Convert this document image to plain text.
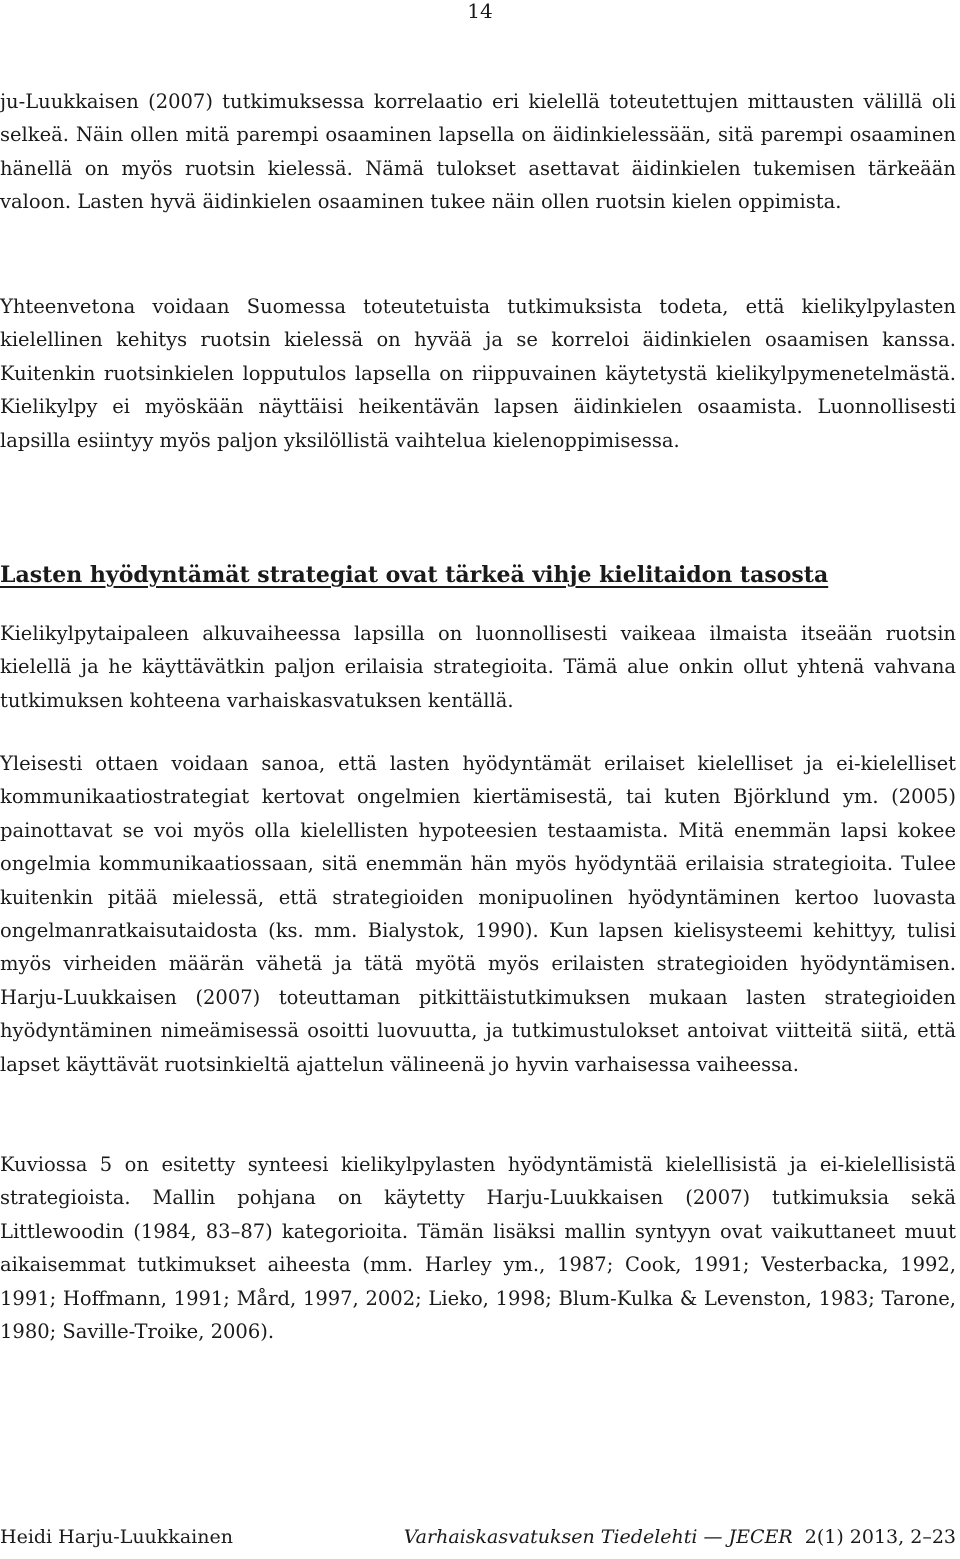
14

ju-Luukkaisen (2007) tutkimuksessa korrelaatio eri kielellä toteutettujen mittausten välillä oli selkeä. Näin ollen mitä parempi osaaminen lapsella on äidinkielessään, sitä parempi osaaminen hänellä on myös ruotsin kielessä. Nämä tulokset asettavat äidinkielen tukemisen tärkeään valoon. Lasten hyvä äidinkielen osaaminen tukee näin ollen ruotsin kielen oppimista.

Yhteenvetona voidaan Suomessa toteutetuista tutkimuksista todeta, että kielikylpylasten kielellinen kehitys ruotsin kielessä on hyvää ja se korreloi äidinkielen osaamisen kanssa. Kuitenkin ruotsinkielen lopputulos lapsella on riippuvainen käytetystä kielikylpymenetelmästä. Kielikylpy ei myöskään näyttäisi heikentävän lapsen äidinkielen osaamista. Luonnollisesti lapsilla esiintyy myös paljon yksilöllistä vaihtelua kielenoppimisessa.

Lasten hyödyntämät strategiat ovat tärkeä vihje kielitaidon tasosta

Kielikylpytaipaleen alkuvaiheessa lapsilla on luonnollisesti vaikeaa ilmaista itseään ruotsin kielellä ja he käyttävätkin paljon erilaisia strategioita. Tämä alue onkin ollut yhtenä vahvana tutkimuksen kohteena varhaiskasvatuksen kentällä.

Yleisesti ottaen voidaan sanoa, että lasten hyödyntämät erilaiset kielelliset ja ei-kielelliset kommunikaatiostrategiat kertovat ongelmien kiertämisestä, tai kuten Björklund ym. (2005) painottavat se voi myös olla kielellisten hypoteesien testaamista. Mitä enemmän lapsi kokee ongelmia kommunikaatiossaan, sitä enemmän hän myös hyödyntää erilaisia strategioita. Tulee kuitenkin pitää mielessä, että strategioiden monipuolinen hyödyntäminen kertoo luovasta ongelmanratkaisutaidosta (ks. mm. Bialystok, 1990). Kun lapsen kielisysteemi kehittyy, tulisi myös virheiden määrän vähetä ja tätä myötä myös erilaisten strategioiden hyödyntämisen. Harju-Luukkaisen (2007) toteuttaman pitkittäistutkimuksen mukaan lasten strategioiden hyödyntäminen nimeämisessä osoitti luovuutta, ja tutkimustulokset antoivat viitteitä siitä, että lapset käyttävät ruotsinkieltä ajattelun välineenä jo hyvin varhaisessa vaiheessa.

Kuviossa 5 on esitetty synteesi kielikylpylasten hyödyntämistä kielellisistä ja ei-kielellisistä strategioista. Mallin pohjana on käytetty Harju-Luukkaisen (2007) tutkimuksia sekä Littlewoodin (1984, 83–87) kategorioita. Tämän lisäksi mallin syntyyn ovat vaikuttaneet muut aikaisemmat tutkimukset aiheesta (mm. Harley ym., 1987; Cook, 1991; Vesterbacka, 1992, 1991; Hoffmann, 1991; Mård, 1997, 2002; Lieko, 1998; Blum-Kulka & Levenston, 1983; Tarone, 1980; Saville-Troike, 2006).

Heidi Harju-Luukkainen	Varhaiskasvatuksen Tiedelehti — JECER 2(1) 2013, 2–23
